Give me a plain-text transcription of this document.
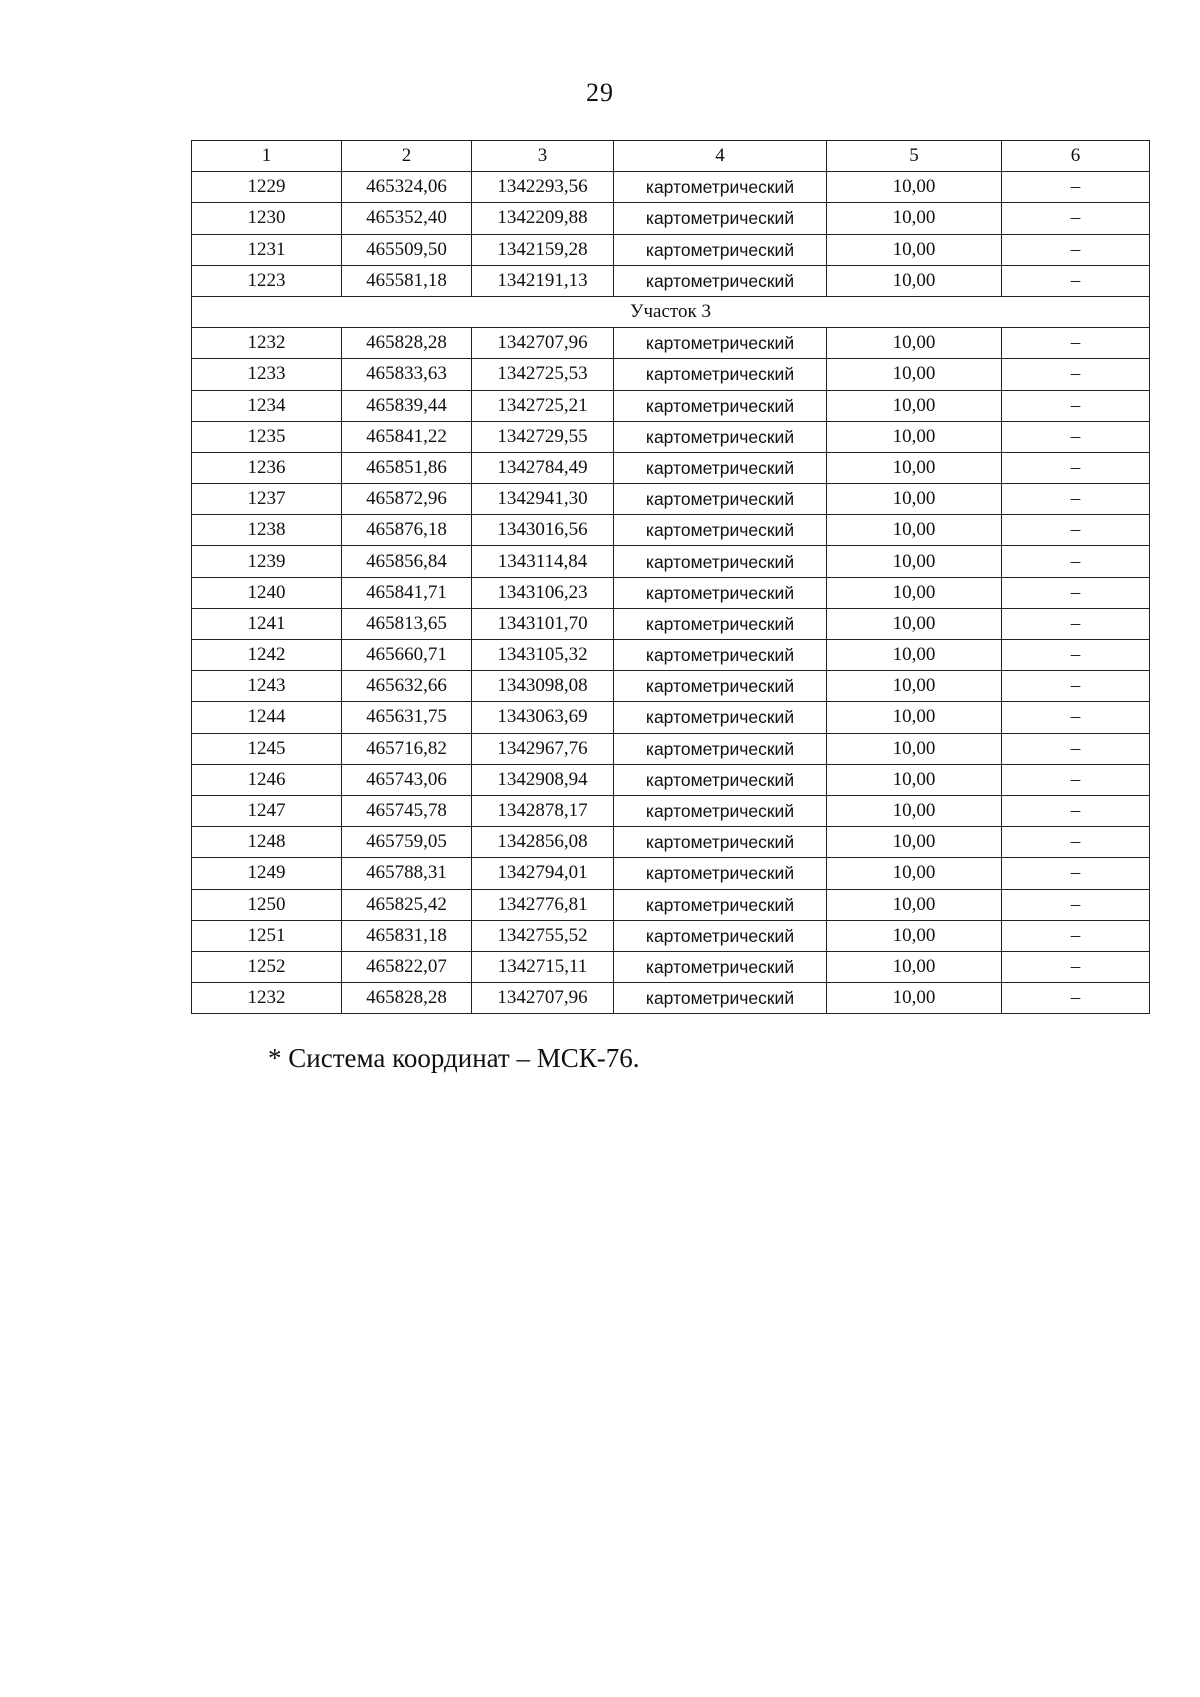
29
1	2	3	4	5	6
1229	465324,06	1342293,56	картометрический	10,00	–
1230	465352,40	1342209,88	картометрический	10,00	–
1231	465509,50	1342159,28	картометрический	10,00	–
1223	465581,18	1342191,13	картометрический	10,00	–
Участок 3					
1232	465828,28	1342707,96	картометрический	10,00	–
1233	465833,63	1342725,53	картометрический	10,00	–
1234	465839,44	1342725,21	картометрический	10,00	–
1235	465841,22	1342729,55	картометрический	10,00	–
1236	465851,86	1342784,49	картометрический	10,00	–
1237	465872,96	1342941,30	картометрический	10,00	–
1238	465876,18	1343016,56	картометрический	10,00	–
1239	465856,84	1343114,84	картометрический	10,00	–
1240	465841,71	1343106,23	картометрический	10,00	–
1241	465813,65	1343101,70	картометрический	10,00	–
1242	465660,71	1343105,32	картометрический	10,00	–
1243	465632,66	1343098,08	картометрический	10,00	–
1244	465631,75	1343063,69	картометрический	10,00	–
1245	465716,82	1342967,76	картометрический	10,00	–
1246	465743,06	1342908,94	картометрический	10,00	–
1247	465745,78	1342878,17	картометрический	10,00	–
1248	465759,05	1342856,08	картометрический	10,00	–
1249	465788,31	1342794,01	картометрический	10,00	–
1250	465825,42	1342776,81	картометрический	10,00	–
1251	465831,18	1342755,52	картометрический	10,00	–
1252	465822,07	1342715,11	картометрический	10,00	–
1232	465828,28	1342707,96	картометрический	10,00	–
* Система координат – МСК-76.
